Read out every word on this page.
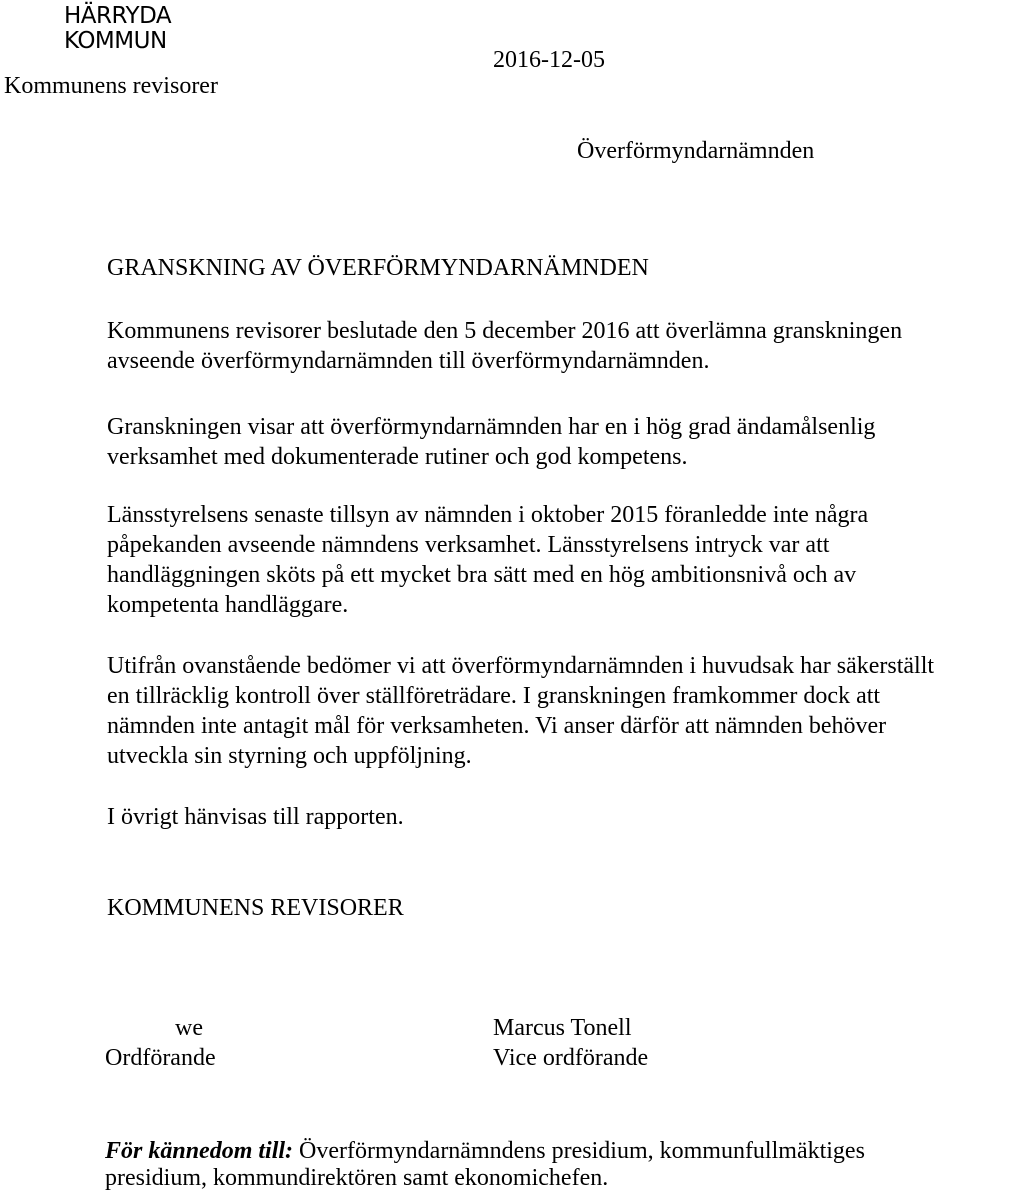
HÄRRYDA
KOMMUN
Kommunens revisorer
2016-12-05
Överförmyndarnämnden
GRANSKNING AV ÖVERFÖRMYNDARNÄMNDEN
Kommunens revisorer beslutade den 5 december 2016 att överlämna granskningen
avseende överförmyndarnämnden till överförmyndarnämnden.
Granskningen visar att överförmyndarnämnden har en i hög grad ändamålsenlig
verksamhet med dokumenterade rutiner och god kompetens.
Länsstyrelsens senaste tillsyn av nämnden i oktober 2015 föranledde inte några
påpekanden avseende nämndens verksamhet. Länsstyrelsens intryck var att
handläggningen sköts på ett mycket bra sätt med en hög ambitionsnivå och av
kompetenta handläggare.
Utifrån ovanstående bedömer vi att överförmyndarnämnden i huvudsak har säkerställt
en tillräcklig kontroll över ställföreträdare. I granskningen framkommer dock att
nämnden inte antagit mål för verksamheten. Vi anser därför att nämnden behöver
utveckla sin styrning och uppföljning.
I övrigt hänvisas till rapporten.
KOMMUNENS REVISORER
we
Ordförande
Marcus Tonell
Vice ordförande
För kännedom till: Överförmyndarnämndens presidium, kommunfullmäktiges
presidium, kommundirektören samt ekonomichefen.
